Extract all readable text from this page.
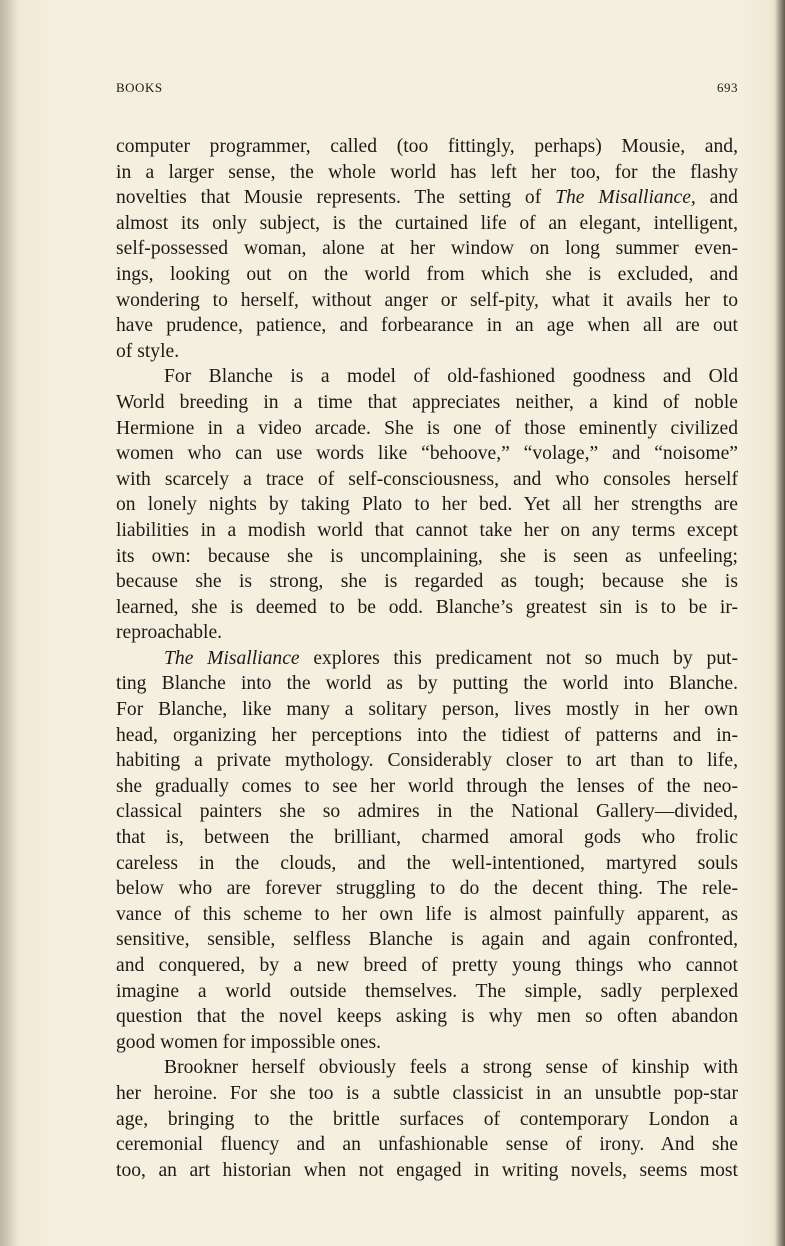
BOOKS	693
computer programmer, called (too fittingly, perhaps) Mousie, and,
in a larger sense, the whole world has left her too, for the flashy
novelties that Mousie represents. The setting of The Misalliance, and
almost its only subject, is the curtained life of an elegant, intelligent,
self-possessed woman, alone at her window on long summer even-
ings, looking out on the world from which she is excluded, and
wondering to herself, without anger or self-pity, what it avails her to
have prudence, patience, and forbearance in an age when all are out
of style.
For Blanche is a model of old-fashioned goodness and Old
World breeding in a time that appreciates neither, a kind of noble
Hermione in a video arcade. She is one of those eminently civilized
women who can use words like “behoove,” “volage,” and “noisome”
with scarcely a trace of self-consciousness, and who consoles herself
on lonely nights by taking Plato to her bed. Yet all her strengths are
liabilities in a modish world that cannot take her on any terms except
its own: because she is uncomplaining, she is seen as unfeeling;
because she is strong, she is regarded as tough; because she is
learned, she is deemed to be odd. Blanche’s greatest sin is to be ir-
reproachable.
The Misalliance explores this predicament not so much by put-
ting Blanche into the world as by putting the world into Blanche.
For Blanche, like many a solitary person, lives mostly in her own
head, organizing her perceptions into the tidiest of patterns and in-
habiting a private mythology. Considerably closer to art than to life,
she gradually comes to see her world through the lenses of the neo-
classical painters she so admires in the National Gallery—divided,
that is, between the brilliant, charmed amoral gods who frolic
careless in the clouds, and the well-intentioned, martyred souls
below who are forever struggling to do the decent thing. The rele-
vance of this scheme to her own life is almost painfully apparent, as
sensitive, sensible, selfless Blanche is again and again confronted,
and conquered, by a new breed of pretty young things who cannot
imagine a world outside themselves. The simple, sadly perplexed
question that the novel keeps asking is why men so often abandon
good women for impossible ones.
Brookner herself obviously feels a strong sense of kinship with
her heroine. For she too is a subtle classicist in an unsubtle pop-star
age, bringing to the brittle surfaces of contemporary London a
ceremonial fluency and an unfashionable sense of irony. And she
too, an art historian when not engaged in writing novels, seems most
